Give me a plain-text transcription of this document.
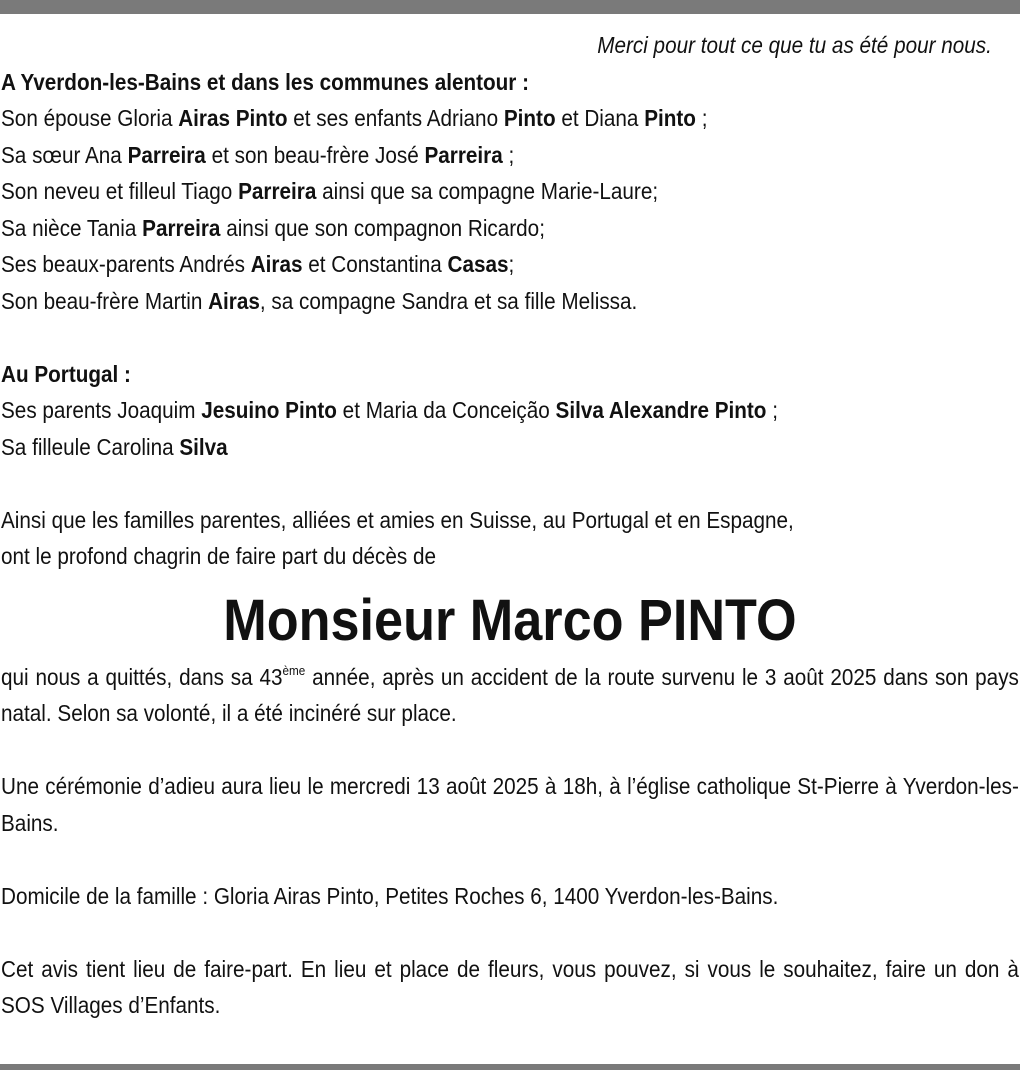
Merci pour tout ce que tu as été pour nous.
A Yverdon-les-Bains et dans les communes alentour :
Son épouse Gloria Airas Pinto et ses enfants Adriano Pinto et Diana Pinto ;
Sa sœur Ana Parreira et son beau-frère José Parreira ;
Son neveu et filleul Tiago Parreira ainsi que sa compagne Marie-Laure;
Sa nièce Tania Parreira ainsi que son compagnon Ricardo;
Ses beaux-parents Andrés Airas et Constantina Casas;
Son beau-frère Martin Airas, sa compagne Sandra et sa fille Melissa.
Au Portugal :
Ses parents Joaquim Jesuino Pinto et Maria da Conceição Silva Alexandre Pinto ;
Sa filleule Carolina Silva
Ainsi que les familles parentes, alliées et amies en Suisse, au Portugal et en Espagne,
ont le profond chagrin de faire part du décès de
Monsieur Marco PINTO
qui nous a quittés, dans sa 43ème année, après un accident de la route survenu le 3 août 2025 dans son pays natal. Selon sa volonté, il a été incinéré sur place.
Une cérémonie d’adieu aura lieu le mercredi 13 août 2025 à 18h, à l’église catholique St-Pierre à Yverdon-les-Bains.
Domicile de la famille : Gloria Airas Pinto, Petites Roches 6, 1400 Yverdon-les-Bains.
Cet avis tient lieu de faire-part. En lieu et place de fleurs, vous pouvez, si vous le souhaitez, faire un don à SOS Villages d’Enfants.
